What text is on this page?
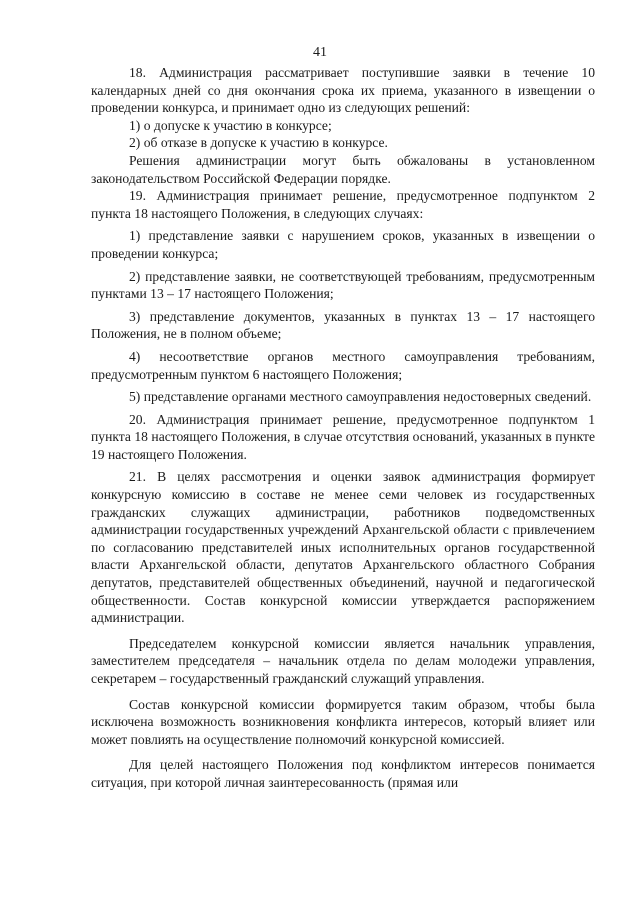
41

18. Администрация рассматривает поступившие заявки в течение 10 календарных дней со дня окончания срока их приема, указанного в извещении о проведении конкурса, и принимает одно из следующих решений:

1) о допуске к участию в конкурсе;

2) об отказе в допуске к участию в конкурсе.

Решения администрации могут быть обжалованы в установленном законодательством Российской Федерации порядке.

19. Администрация принимает решение, предусмотренное подпунктом 2 пункта 18 настоящего Положения, в следующих случаях:

1) представление заявки с нарушением сроков, указанных в извещении о проведении конкурса;

2) представление заявки, не соответствующей требованиям, предусмотренным пунктами 13 – 17 настоящего Положения;

3) представление документов, указанных в пунктах 13 – 17 настоящего Положения, не в полном объеме;

4) несоответствие органов местного самоуправления требованиям, предусмотренным пунктом 6 настоящего Положения;

5) представление органами местного самоуправления недостоверных сведений.

20. Администрация принимает решение, предусмотренное подпунктом 1 пункта 18 настоящего Положения, в случае отсутствия оснований, указанных в пункте 19 настоящего Положения.

21. В целях рассмотрения и оценки заявок администрация формирует конкурсную комиссию в составе не менее семи человек из государственных гражданских служащих администрации, работников подведомственных администрации государственных учреждений Архангельской области с привлечением по согласованию представителей иных исполнительных органов государственной власти Архангельской области, депутатов Архангельского областного Собрания депутатов, представителей общественных объединений, научной и педагогической общественности. Состав конкурсной комиссии утверждается распоряжением администрации.

Председателем конкурсной комиссии является начальник управления, заместителем председателя – начальник отдела по делам молодежи управления, секретарем – государственный гражданский служащий управления.

Состав конкурсной комиссии формируется таким образом, чтобы была исключена возможность возникновения конфликта интересов, который влияет или может повлиять на осуществление полномочий конкурсной комиссией.

Для целей настоящего Положения под конфликтом интересов понимается ситуация, при которой личная заинтересованность (прямая или
